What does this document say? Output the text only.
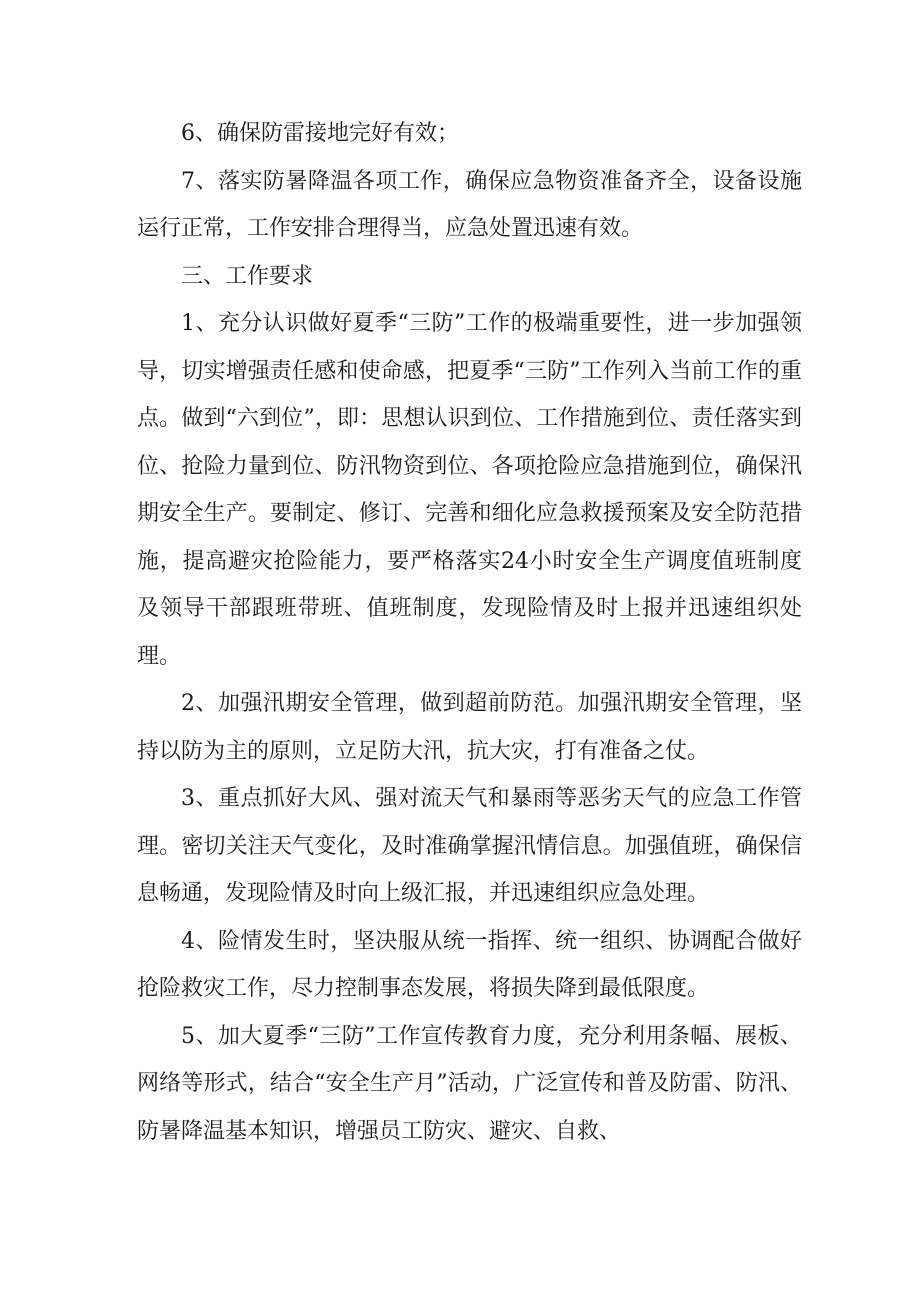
6、确保防雷接地完好有效；

7、落实防暑降温各项工作，确保应急物资准备齐全，设备设施运行正常，工作安排合理得当，应急处置迅速有效。

三、工作要求

1、充分认识做好夏季“三防”工作的极端重要性，进一步加强领导，切实增强责任感和使命感，把夏季“三防”工作列入当前工作的重点。做到“六到位”，即：思想认识到位、工作措施到位、责任落实到位、抢险力量到位、防汛物资到位、各项抢险应急措施到位，确保汛期安全生产。要制定、修订、完善和细化应急救援预案及安全防范措施，提高避灾抢险能力，要严格落实24小时安全生产调度值班制度及领导干部跟班带班、值班制度，发现险情及时上报并迅速组织处理。

2、加强汛期安全管理，做到超前防范。加强汛期安全管理，坚持以防为主的原则，立足防大汛，抗大灾，打有准备之仗。

3、重点抓好大风、强对流天气和暴雨等恶劣天气的应急工作管理。密切关注天气变化，及时准确掌握汛情信息。加强值班，确保信息畅通，发现险情及时向上级汇报，并迅速组织应急处理。

4、险情发生时，坚决服从统一指挥、统一组织、协调配合做好抢险救灾工作，尽力控制事态发展，将损失降到最低限度。

5、加大夏季“三防”工作宣传教育力度，充分利用条幅、展板、网络等形式，结合“安全生产月”活动，广泛宣传和普及防雷、防汛、防暑降温基本知识，增强员工防灾、避灾、自救、
